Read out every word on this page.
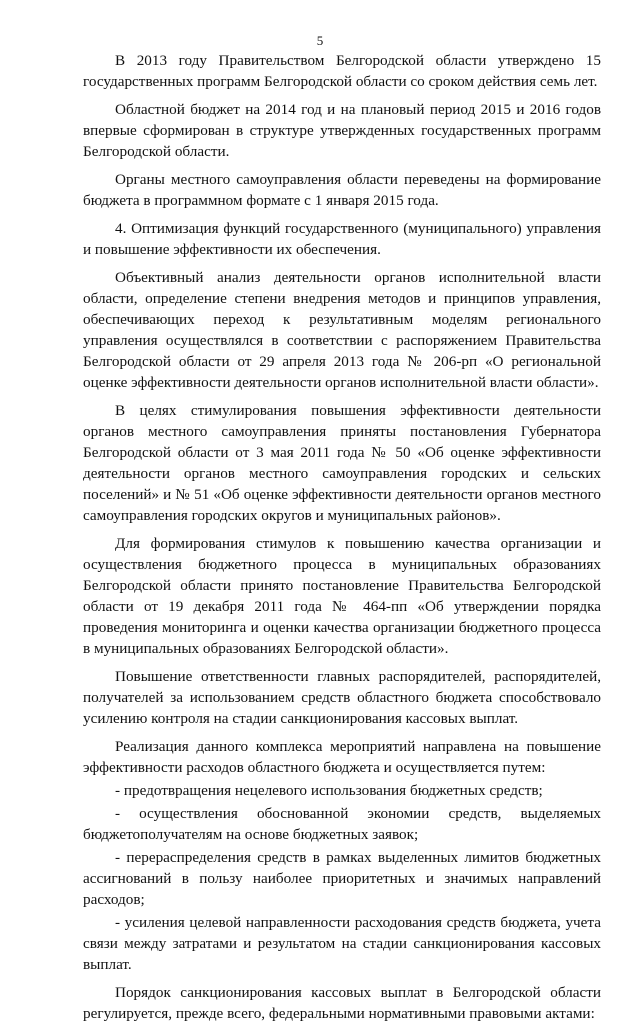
5

В 2013 году Правительством Белгородской области утверждено 15 государственных программ Белгородской области со сроком действия семь лет.

Областной бюджет на 2014 год и на плановый период 2015 и 2016 годов впервые сформирован в структуре утвержденных государственных программ Белгородской области.

Органы местного самоуправления области переведены на формирование бюджета в программном формате с 1 января 2015 года.

4. Оптимизация функций государственного (муниципального) управления и повышение эффективности их обеспечения.

Объективный анализ деятельности органов исполнительной власти области, определение степени внедрения методов и принципов управления, обеспечивающих переход к результативным моделям регионального управления осуществлялся в соответствии с распоряжением Правительства Белгородской области от 29 апреля 2013 года № 206-рп «О региональной оценке эффективности деятельности органов исполнительной власти области».

В целях стимулирования повышения эффективности деятельности органов местного самоуправления приняты постановления Губернатора Белгородской области от 3 мая 2011 года № 50 «Об оценке эффективности деятельности органов местного самоуправления городских и сельских поселений» и № 51 «Об оценке эффективности деятельности органов местного самоуправления городских округов и муниципальных районов».

Для формирования стимулов к повышению качества организации и осуществления бюджетного процесса в муниципальных образованиях Белгородской области принято постановление Правительства Белгородской области от 19 декабря 2011 года № 464-пп «Об утверждении порядка проведения мониторинга и оценки качества организации бюджетного процесса в муниципальных образованиях Белгородской области».

Повышение ответственности главных распорядителей, распорядителей, получателей за использованием средств областного бюджета способствовало усилению контроля на стадии санкционирования кассовых выплат.

Реализация данного комплекса мероприятий направлена на повышение эффективности расходов областного бюджета и осуществляется путем:

- предотвращения нецелевого использования бюджетных средств;

- осуществления обоснованной экономии средств, выделяемых бюджетополучателям на основе бюджетных заявок;

- перераспределения средств в рамках выделенных лимитов бюджетных ассигнований в пользу наиболее приоритетных и значимых направлений расходов;

- усиления целевой направленности расходования средств бюджета, учета связи между затратами и результатом на стадии санкционирования кассовых выплат.

Порядок санкционирования кассовых выплат в Белгородской области регулируется, прежде всего, федеральными нормативными правовыми актами:
